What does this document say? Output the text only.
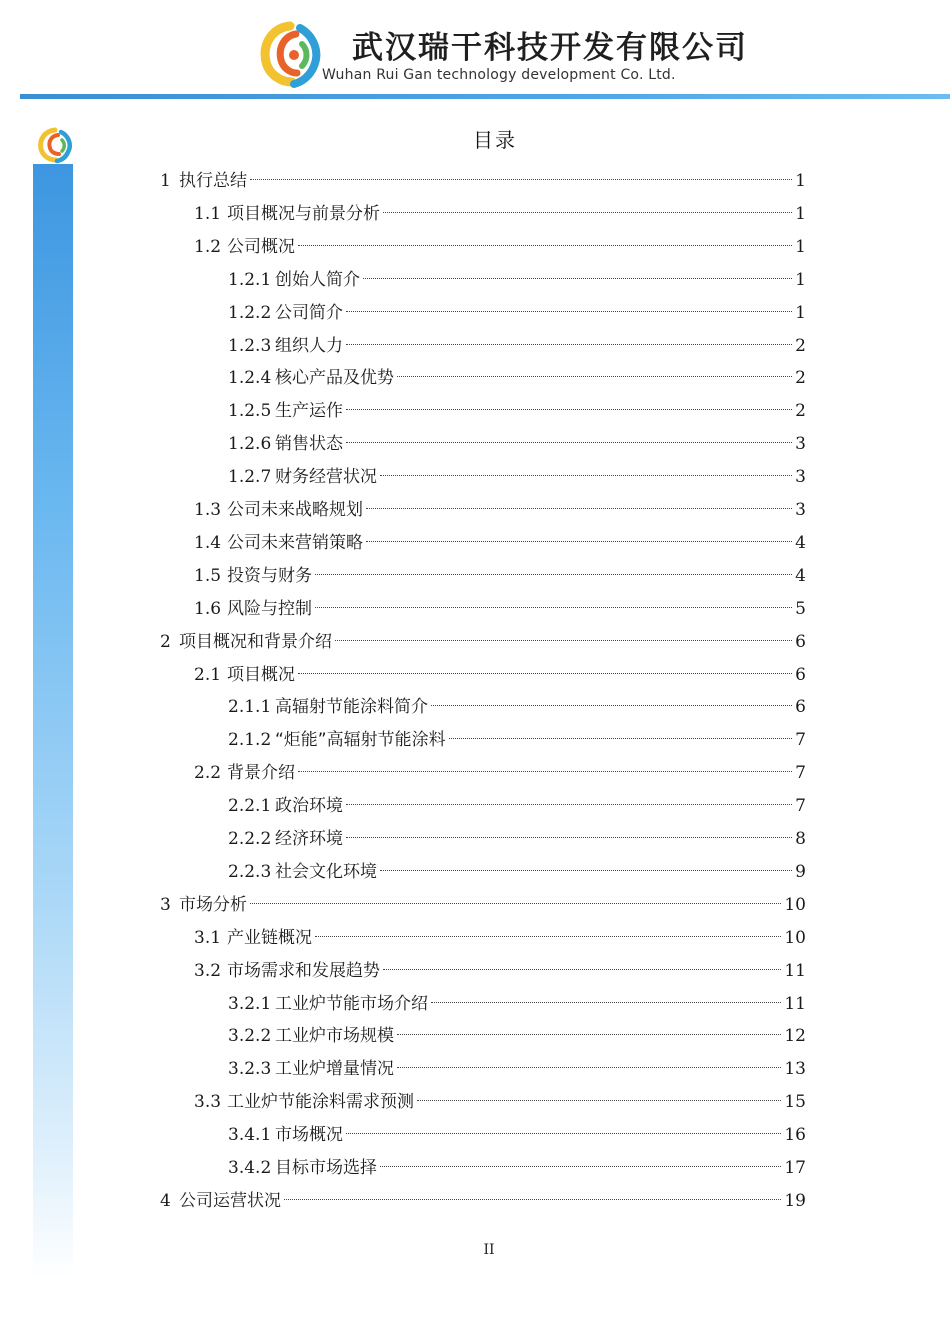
武汉瑞干科技开发有限公司
Wuhan Rui Gan technology development Co. Ltd.
目录
1 执行总结	1
1.1 项目概况与前景分析	1
1.2 公司概况	1
1.2.1 创始人简介	1
1.2.2 公司简介	1
1.2.3 组织人力	2
1.2.4 核心产品及优势	2
1.2.5 生产运作	2
1.2.6 销售状态	3
1.2.7 财务经营状况	3
1.3 公司未来战略规划	3
1.4 公司未来营销策略	4
1.5 投资与财务	4
1.6 风险与控制	5
2 项目概况和背景介绍	6
2.1 项目概况	6
2.1.1 高辐射节能涂料简介	6
2.1.2 “炬能”高辐射节能涂料	7
2.2 背景介绍	7
2.2.1 政治环境	7
2.2.2 经济环境	8
2.2.3 社会文化环境	9
3 市场分析	10
3.1 产业链概况	10
3.2 市场需求和发展趋势	11
3.2.1 工业炉节能市场介绍	11
3.2.2 工业炉市场规模	12
3.2.3 工业炉增量情况	13
3.3 工业炉节能涂料需求预测	15
3.4.1 市场概况	16
3.4.2 目标市场选择	17
4 公司运营状况	19
II
